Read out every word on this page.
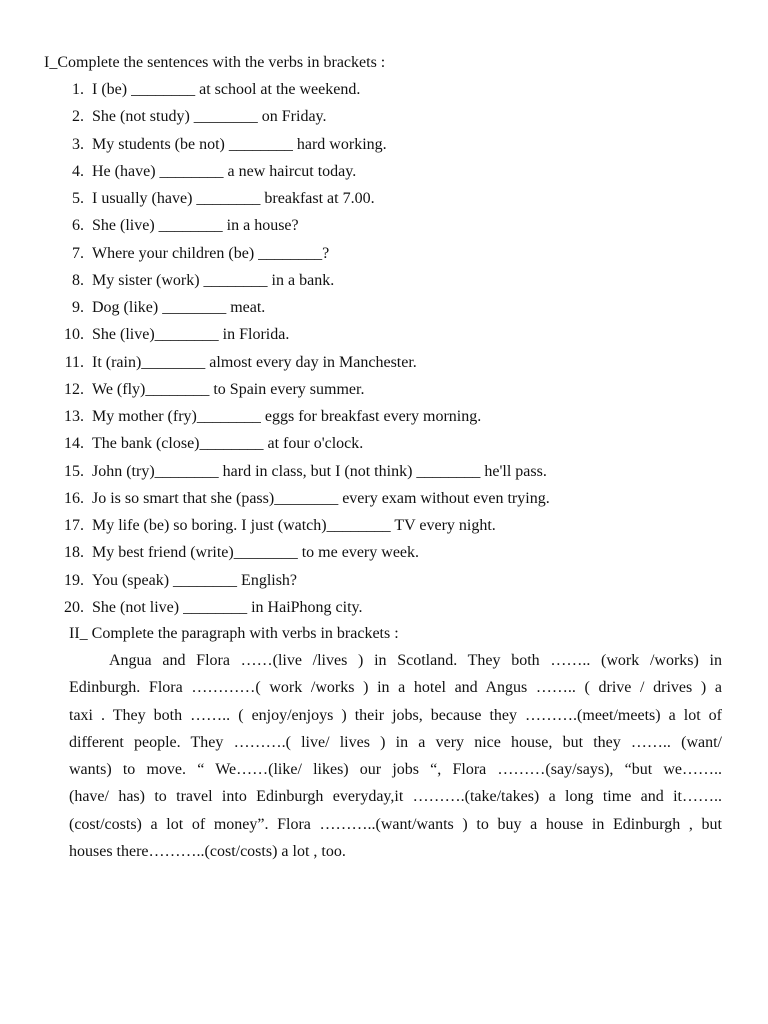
I_Complete the sentences with the verbs in brackets :
1. I (be) ________ at school at the weekend.
2. She (not study) ________ on Friday.
3. My students (be not) ________ hard working.
4. He (have) ________ a new haircut today.
5. I usually (have) ________ breakfast at 7.00.
6. She (live) ________ in a house?
7. Where your children (be) ________?
8. My sister (work) ________ in a bank.
9. Dog (like) ________ meat.
10. She (live)________ in Florida.
11. It (rain)________ almost every day in Manchester.
12. We (fly)________ to Spain every summer.
13. My mother (fry)________ eggs for breakfast every morning.
14. The bank (close)________ at four o'clock.
15. John (try)________ hard in class, but I (not think) ________ he'll pass.
16. Jo is so smart that she (pass)________ every exam without even trying.
17. My life (be) so boring. I just (watch)________ TV every night.
18. My best friend (write)________ to me every week.
19. You (speak) ________ English?
20. She (not live) ________ in HaiPhong city.
II_ Complete the paragraph with verbs in brackets :
Angua and Flora ……(live /lives ) in Scotland. They both …….. (work /works) in
Edinburgh. Flora …………( work /works ) in a hotel and Angus …….. ( drive / drives ) a
taxi . They both …….. ( enjoy/enjoys ) their jobs, because they ……….(meet/meets) a lot of
different people. They ……….( live/ lives ) in a very nice house, but they …….. (want/
wants) to move. “ We……(like/ likes) our jobs “, Flora ………(say/says), “but we……..
(have/ has) to travel into Edinburgh everyday,it ……….(take/takes) a long time and it……..
(cost/costs) a lot of money”. Flora ………..(want/wants ) to buy a house in Edinburgh , but
houses there………..(cost/costs) a lot , too.
